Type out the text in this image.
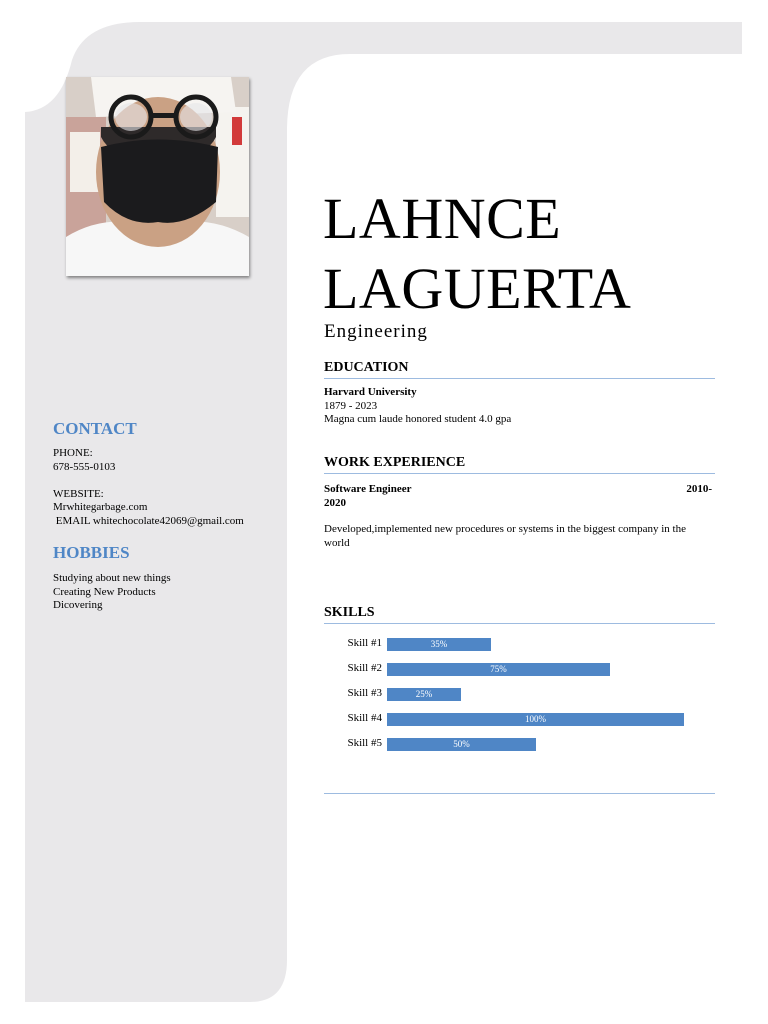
CONTACT
PHONE:
678-555-0103
WEBSITE:
Mrwhitegarbage.com
EMAIL whitechocolate42069@gmail.com
HOBBIES
Studying about new things
Creating New Products
Dicovering
LAHNCE
LAGUERTA
Engineering
EDUCATION
Harvard University
1879 - 2023
Magna cum laude honored student 4.0 gpa
WORK EXPERIENCE
Software Engineer	2010-
2020
Developed,implemented new procedures or systems in the biggest company in the world
SKILLS
Skill #1	35%
Skill #2	75%
Skill #3	25%
Skill #4	100%
Skill #5	50%
